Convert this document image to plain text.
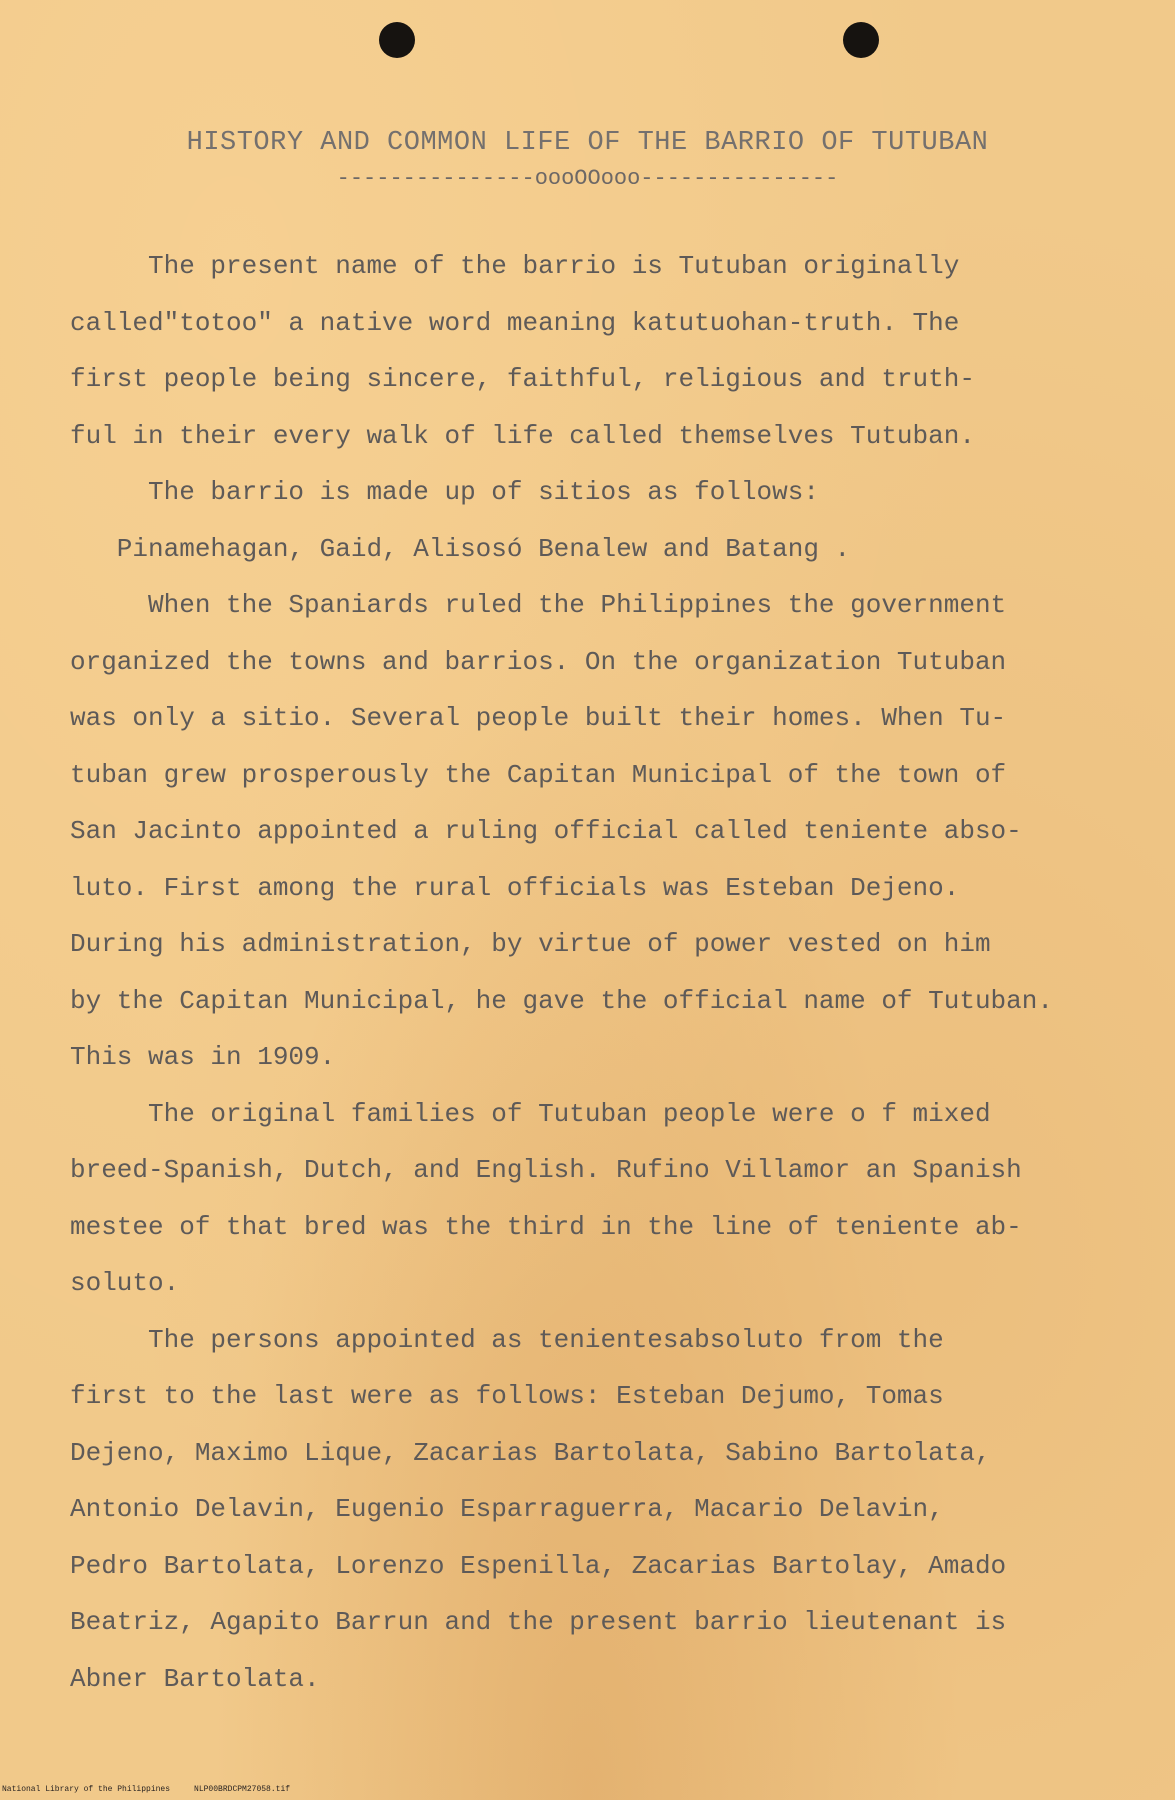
HISTORY AND COMMON LIFE OF THE BARRIO OF TUTUBAN
---------------oooOOooo---------------
The present name of the barrio is Tutuban originally
called"totoo" a native word meaning katutuohan-truth. The
first people being sincere, faithful, religious and truth-
ful in their every walk of life called themselves Tutuban.
The barrio is made up of sitios as follows:
Pinamehagan, Gaid, Alisosó Benalew and Batang .
When the Spaniards ruled the Philippines the government
organized the towns and barrios. On the organization Tutuban
was only a sitio. Several people built their homes. When Tu-
tuban grew prosperously the Capitan Municipal of the town of
San Jacinto appointed a ruling official called teniente abso-
luto. First among the rural officials was Esteban Dejeno.
During his administration, by virtue of power vested on him
by the Capitan Municipal, he gave the official name of Tutuban.
This was in 1909.
The original families of Tutuban people were o f mixed
breed-Spanish, Dutch, and English. Rufino Villamor an Spanish
mestee of that bred was the third in the line of teniente ab-
soluto.
The persons appointed as tenientesabsoluto from the
first to the last were as follows: Esteban Dejumo, Tomas
Dejeno, Maximo Lique, Zacarias Bartolata, Sabino Bartolata,
Antonio Delavin, Eugenio Esparraguerra, Macario Delavin,
Pedro Bartolata, Lorenzo Espenilla, Zacarias Bartolay, Amado
Beatriz, Agapito Barrun and the present barrio lieutenant is
Abner Bartolata.
National Library of the Philippines     NLP00BRDCPM27058.tif
